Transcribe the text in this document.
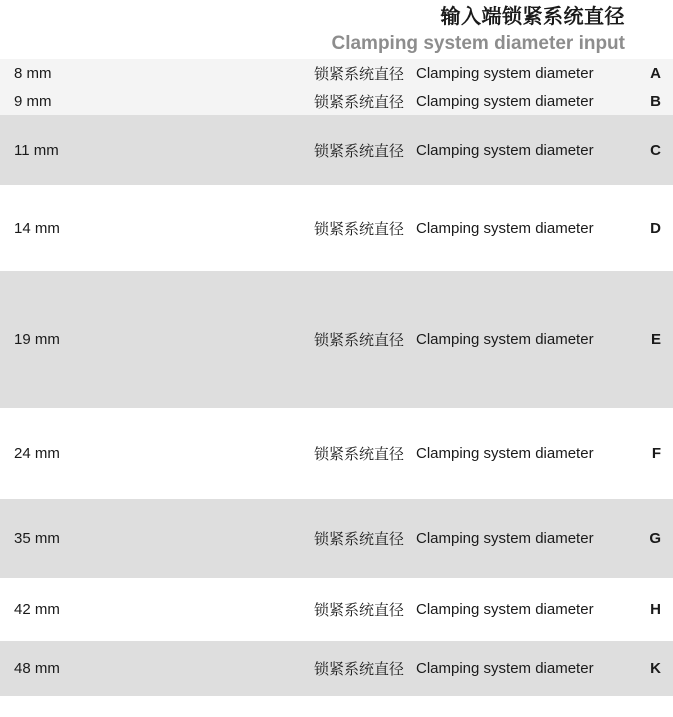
输入端锁紧系统直径
Clamping system diameter input
8 mm	锁紧系统直径	Clamping system diameter	A
9 mm	锁紧系统直径	Clamping system diameter	B
11 mm	锁紧系统直径	Clamping system diameter	C
14 mm	锁紧系统直径	Clamping system diameter	D
19 mm	锁紧系统直径	Clamping system diameter	E
24 mm	锁紧系统直径	Clamping system diameter	F
35 mm	锁紧系统直径	Clamping system diameter	G
42 mm	锁紧系统直径	Clamping system diameter	H
48 mm	锁紧系统直径	Clamping system diameter	K
